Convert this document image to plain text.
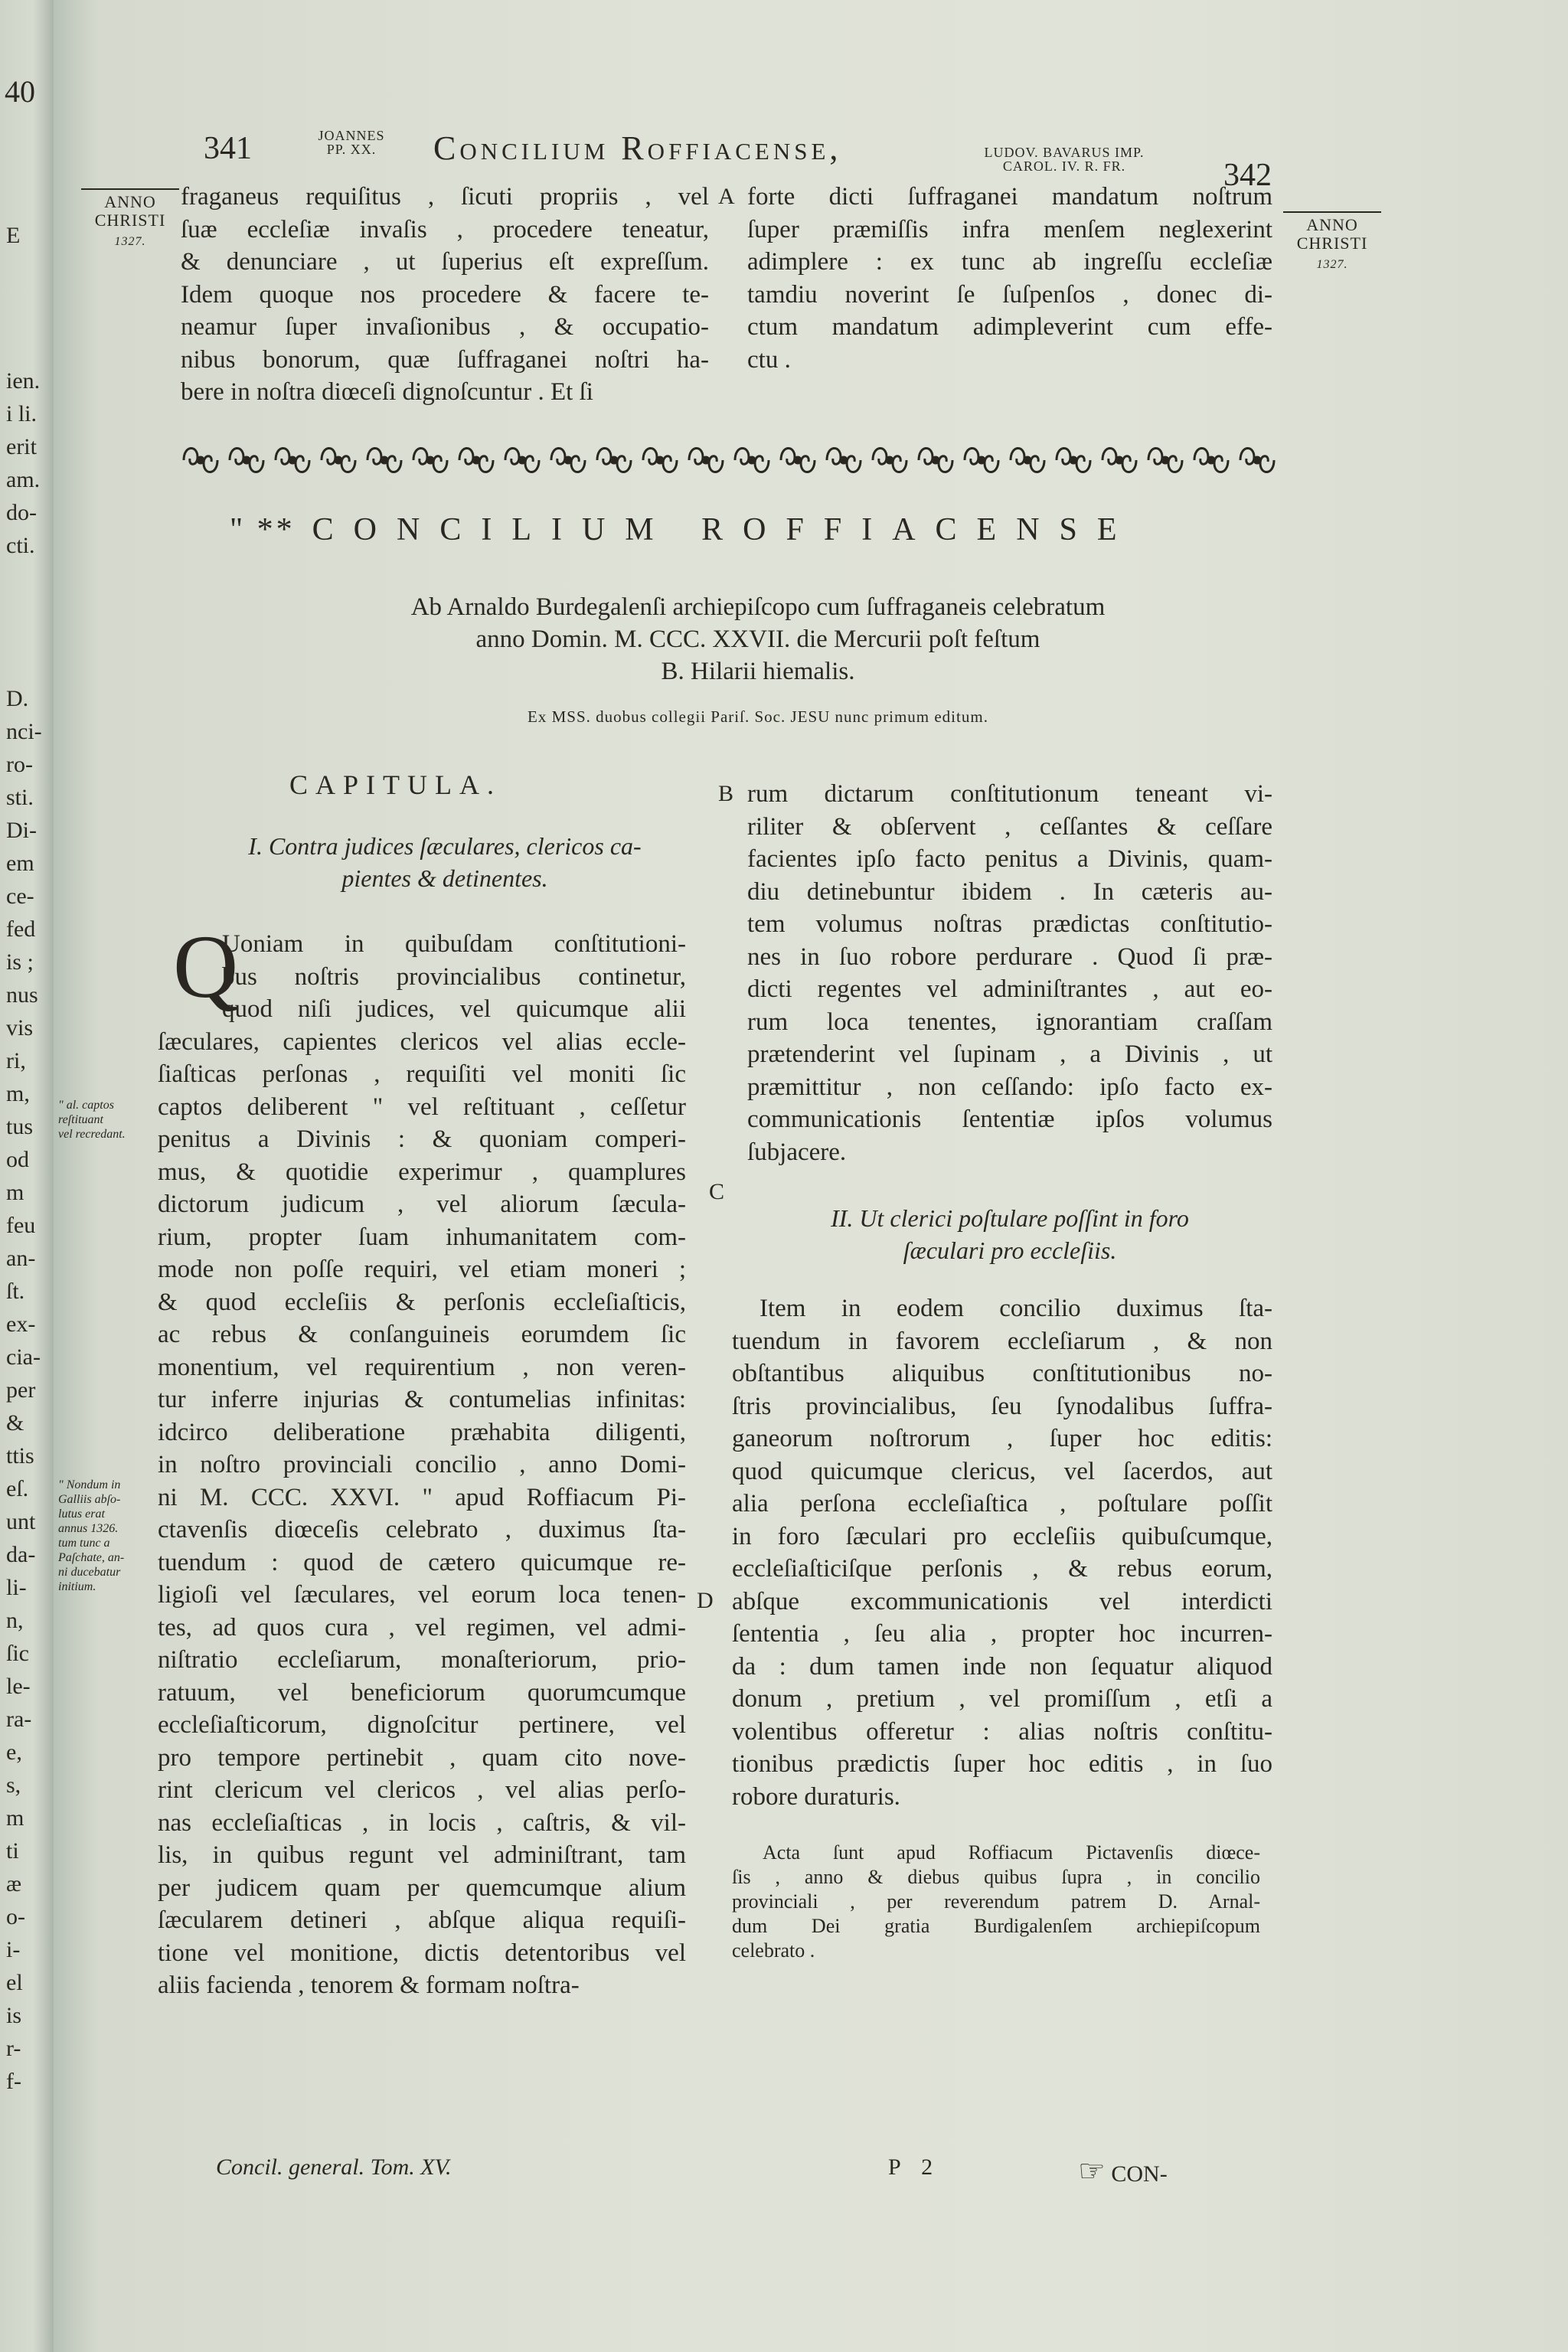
40
E
ien.
i li.
erit
am.
do-
cti.
D.
nci-
ro-
sti.
Di-
em
ce-
fed
is ;
nus
vis
ri,
m,
tus
od
m
feu
an-
ſt.
ex-
cia-
per
&
ttis
eſ.
unt
da-
li-
n,
ſic
le-
ra-
e,
s,
m
ti
æ
o-
i-
el
is
r-
f-
341	JOANNES
PP. XX.	Concilium Roffiacense,	LUDOV. BAVARUS IMP.
CAROL. IV. R. FR.	342
ANNO
CHRISTI
1327.
ANNO
CHRISTI
1327.
fraganeus requiſitus , ſicuti propriis , vel
ſuæ eccleſiæ invaſis , procedere teneatur,
& denunciare , ut ſuperius eſt expreſſum.
Idem quoque nos procedere & facere te-
neamur ſuper invaſionibus , & occupatio-
nibus bonorum, quæ ſuffraganei noſtri ha-
bere in noſtra diœceſi dignoſcuntur . Et ſi
A forte dicti ſuffraganei mandatum noſtrum
ſuper præmiſſis infra menſem neglexerint
adimplere : ex tunc ab ingreſſu eccleſiæ
tamdiu noverint ſe ſuſpenſos , donec di-
ctum mandatum adimpleverint cum effe-
ctu .
" ** CONCILIUM ROFFIACENSE
Ab Arnaldo Burdegalenſi archiepiſcopo cum ſuffraganeis celebratum
anno Domin. M. CCC. XXVII. die Mercurii poſt feſtum
B. Hilarii hiemalis.
Ex MSS. duobus collegii Pariſ. Soc. JESU nunc primum editum.
CAPITULA.
I. Contra judices ſæculares, clericos ca-
pientes & detinentes.
Q
Uoniam in quibuſdam conſtitutioni-
bus noſtris provincialibus continetur,
quod niſi judices, vel quicumque alii
ſæculares, capientes clericos vel alias eccle-
ſiaſticas perſonas , requiſiti vel moniti ſic
captos deliberent " vel reſtituant , ceſſetur
penitus a Divinis : & quoniam comperi-
mus, & quotidie experimur , quamplures
dictorum judicum , vel aliorum ſæcula-
rium, propter ſuam inhumanitatem com-
mode non poſſe requiri, vel etiam moneri ;
& quod eccleſiis & perſonis eccleſiaſticis,
ac rebus & conſanguineis eorumdem ſic
monentium, vel requirentium , non veren-
tur inferre injurias & contumelias infinitas:
idcirco deliberatione præhabita diligenti,
in noſtro provinciali concilio , anno Domi-
ni M. CCC. XXVI. " apud Roffiacum Pi-
ctavenſis diœceſis celebrato , duximus ſta-
tuendum : quod de cætero quicumque re-
ligioſi vel ſæculares, vel eorum loca tenen-
tes, ad quos cura , vel regimen, vel admi-
niſtratio eccleſiarum, monaſteriorum, prio-
ratuum, vel beneficiorum quorumcumque
eccleſiaſticorum, dignoſcitur pertinere, vel
pro tempore pertinebit , quam cito nove-
rint clericum vel clericos , vel alias perſo-
nas eccleſiaſticas , in locis , caſtris, & vil-
lis, in quibus regunt vel adminiſtrant, tam
per judicem quam per quemcumque alium
ſæcularem detineri , abſque aliqua requiſi-
tione vel monitione, dictis detentoribus vel
aliis facienda , tenorem & formam noſtra-
" al. captos
reſtituant
vel recredant.
" Nondum in
Galliis abſo-
lutus erat
annus 1326.
tum tunc a
Paſchate, an-
ni ducebatur
initium.
B rum dictarum conſtitutionum teneant vi-
riliter & obſervent , ceſſantes & ceſſare
facientes ipſo facto penitus a Divinis, quam-
diu detinebuntur ibidem . In cæteris au-
tem volumus noſtras prædictas conſtitutio-
nes in ſuo robore perdurare . Quod ſi præ-
dicti regentes vel adminiſtrantes , aut eo-
rum loca tenentes, ignorantiam craſſam
prætenderint vel ſupinam , a Divinis , ut
præmittitur , non ceſſando: ipſo facto ex-
communicationis ſententiæ ipſos volumus
ſubjacere.
C
II. Ut clerici poſtulare poſſint in foro
ſæculari pro eccleſiis.
Item in eodem concilio duximus ſta-
tuendum in favorem eccleſiarum , & non
obſtantibus aliquibus conſtitutionibus no-
ſtris provincialibus, ſeu ſynodalibus ſuffra-
ganeorum noſtrorum , ſuper hoc editis:
quod quicumque clericus, vel ſacerdos, aut
alia perſona eccleſiaſtica , poſtulare poſſit
in foro ſæculari pro eccleſiis quibuſcumque,
eccleſiaſticiſque perſonis , & rebus eorum,
abſque excommunicationis vel interdicti
ſententia , ſeu alia , propter hoc incurren-
da : dum tamen inde non ſequatur aliquod
donum , pretium , vel promiſſum , etſi a
volentibus offeretur : alias noſtris conſtitu-
tionibus prædictis ſuper hoc editis , in ſuo
robore duraturis.
D
Acta ſunt apud Roffiacum Pictavenſis diœce-
ſis , anno & diebus quibus ſupra , in concilio
provinciali , per reverendum patrem D. Arnal-
dum Dei gratia Burdigalenſem archiepiſcopum
celebrato .
Concil. general. Tom. XV.	P 2	☞ CON-
